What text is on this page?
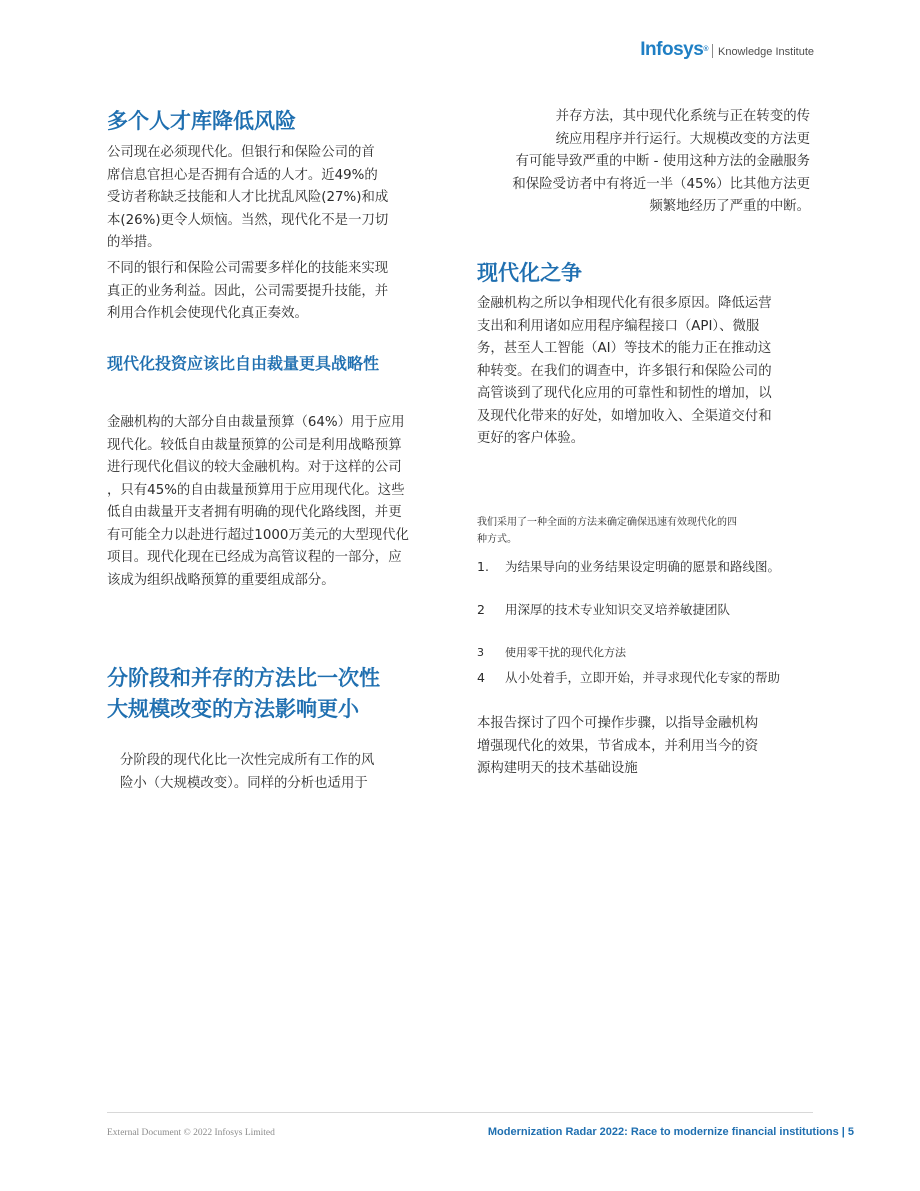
Infosys® Knowledge Institute
多个人才库降低风险

公司现在必须现代化。但银行和保险公司的首
席信息官担心是否拥有合适的人才。近49%的
受访者称缺乏技能和人才比扰乱风险(27%)和成
本(26%)更令人烦恼。当然，现代化不是一刀切
的举措。

不同的银行和保险公司需要多样化的技能来实现
真正的业务利益。因此，公司需要提升技能，并
利用合作机会使现代化真正奏效。

现代化投资应该比自由裁量更具战略性

金融机构的大部分自由裁量预算（64%）用于应用
现代化。较低自由裁量预算的公司是利用战略预算
进行现代化倡议的较大金融机构。对于这样的公司
，只有45%的自由裁量预算用于应用现代化。这些
低自由裁量开支者拥有明确的现代化路线图，并更
有可能全力以赴进行超过1000万美元的大型现代化
项目。现代化现在已经成为高管议程的一部分，应
该成为组织战略预算的重要组成部分。

分阶段和并存的方法比一次性
大规模改变的方法影响更小

分阶段的现代化比一次性完成所有工作的风
险小（大规模改变）。同样的分析也适用于

并存方法，其中现代化系统与正在转变的传
统应用程序并行运行。大规模改变的方法更
有可能导致严重的中断 - 使用这种方法的金融服务
和保险受访者中有将近一半（45%）比其他方法更
频繁地经历了严重的中断。

现代化之争

金融机构之所以争相现代化有很多原因。降低运营
支出和利用诸如应用程序编程接口（API）、微服
务，甚至人工智能（AI）等技术的能力正在推动这
种转变。在我们的调查中，许多银行和保险公司的
高管谈到了现代化应用的可靠性和韧性的增加，以
及现代化带来的好处，如增加收入、全渠道交付和
更好的客户体验。

我们采用了一种全面的方法来确定确保迅速有效现代化的四
种方式。

1. 为结果导向的业务结果设定明确的愿景和路线图。
2 用深厚的技术专业知识交叉培养敏捷团队
3 使用零干扰的现代化方法
4 从小处着手，立即开始，并寻求现代化专家的帮助

本报告探讨了四个可操作步骤，以指导金融机构
增强现代化的效果，节省成本，并利用当今的资
源构建明天的技术基础设施

External Document © 2022 Infosys Limited	Modernization Radar 2022: Race to modernize financial institutions | 5
